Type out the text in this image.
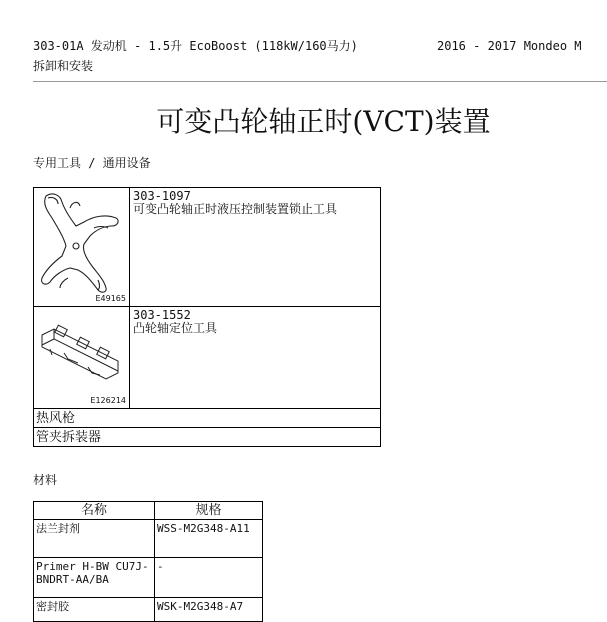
303-01A 发动机 - 1.5升 EcoBoost (118kW/160马力)
拆卸和安装
2016 - 2017 Mondeo M
可变凸轮轴正时(VCT)装置
专用工具 / 通用设备
E49165	303-1097
可变凸轮轴正时液压控制装置锁止工具

E126214	303-1552
凸轮轴定位工具

热风枪	
管夹拆装器	
材料
名称	规格
法兰封剂	WSS-M2G348-A11
Primer H-BW CU7J-BNDRT-AA/BA	-
密封胶	WSK-M2G348-A7
